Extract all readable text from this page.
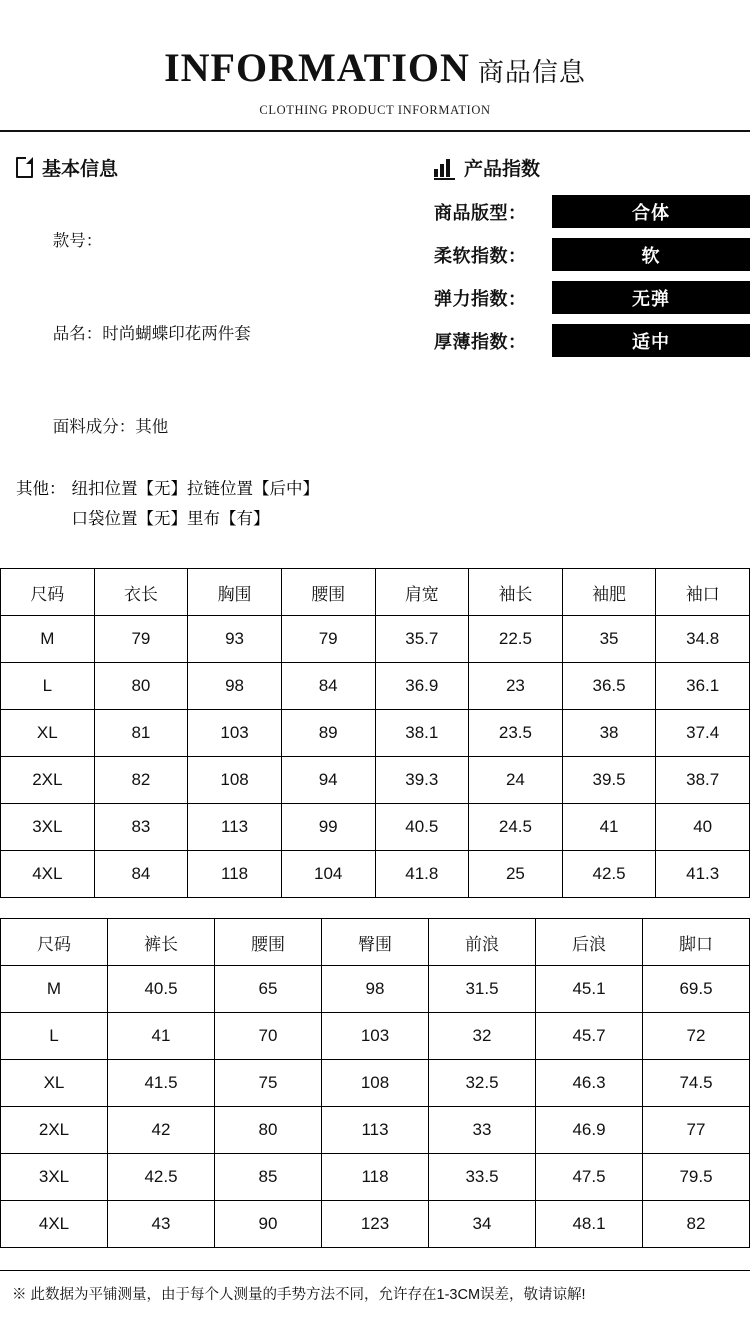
INFORMATION 商品信息
CLOTHING PRODUCT INFORMATION
基本信息

款号：

品名：时尚蝴蝶印花两件套

面料成分：其他

其他： 纽扣位置【无】拉链位置【后中】
口袋位置【无】里布【有】
产品指数
商品版型：	合体
柔软指数：	软
弹力指数：	无弹
厚薄指数：	适中
尺码	衣长	胸围	腰围	肩宽	袖长	袖肥	袖口
M	79	93	79	35.7	22.5	35	34.8
L	80	98	84	36.9	23	36.5	36.1
XL	81	103	89	38.1	23.5	38	37.4
2XL	82	108	94	39.3	24	39.5	38.7
3XL	83	113	99	40.5	24.5	41	40
4XL	84	118	104	41.8	25	42.5	41.3
尺码	裤长	腰围	臀围	前浪	后浪	脚口
M	40.5	65	98	31.5	45.1	69.5
L	41	70	103	32	45.7	72
XL	41.5	75	108	32.5	46.3	74.5
2XL	42	80	113	33	46.9	77
3XL	42.5	85	118	33.5	47.5	79.5
4XL	43	90	123	34	48.1	82
※ 此数据为平铺测量，由于每个人测量的手势方法不同，允许存在1-3CM误差，敬请谅解!
